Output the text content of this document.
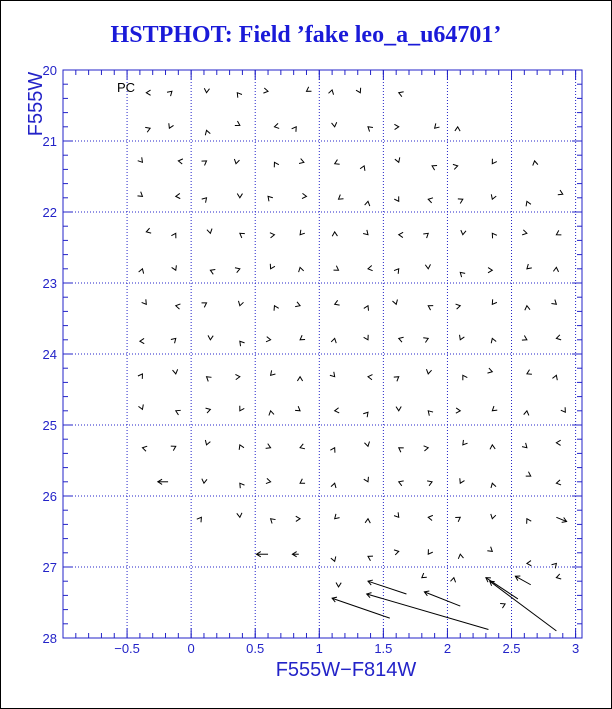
HSTPHOT: Field ’fake leo_a_u64701’
−0.5	0	0.5	1	1.5	2	2.5	3
20
21
22
23
24
25
26
27
28
PC
F555W−F814W
F555W
